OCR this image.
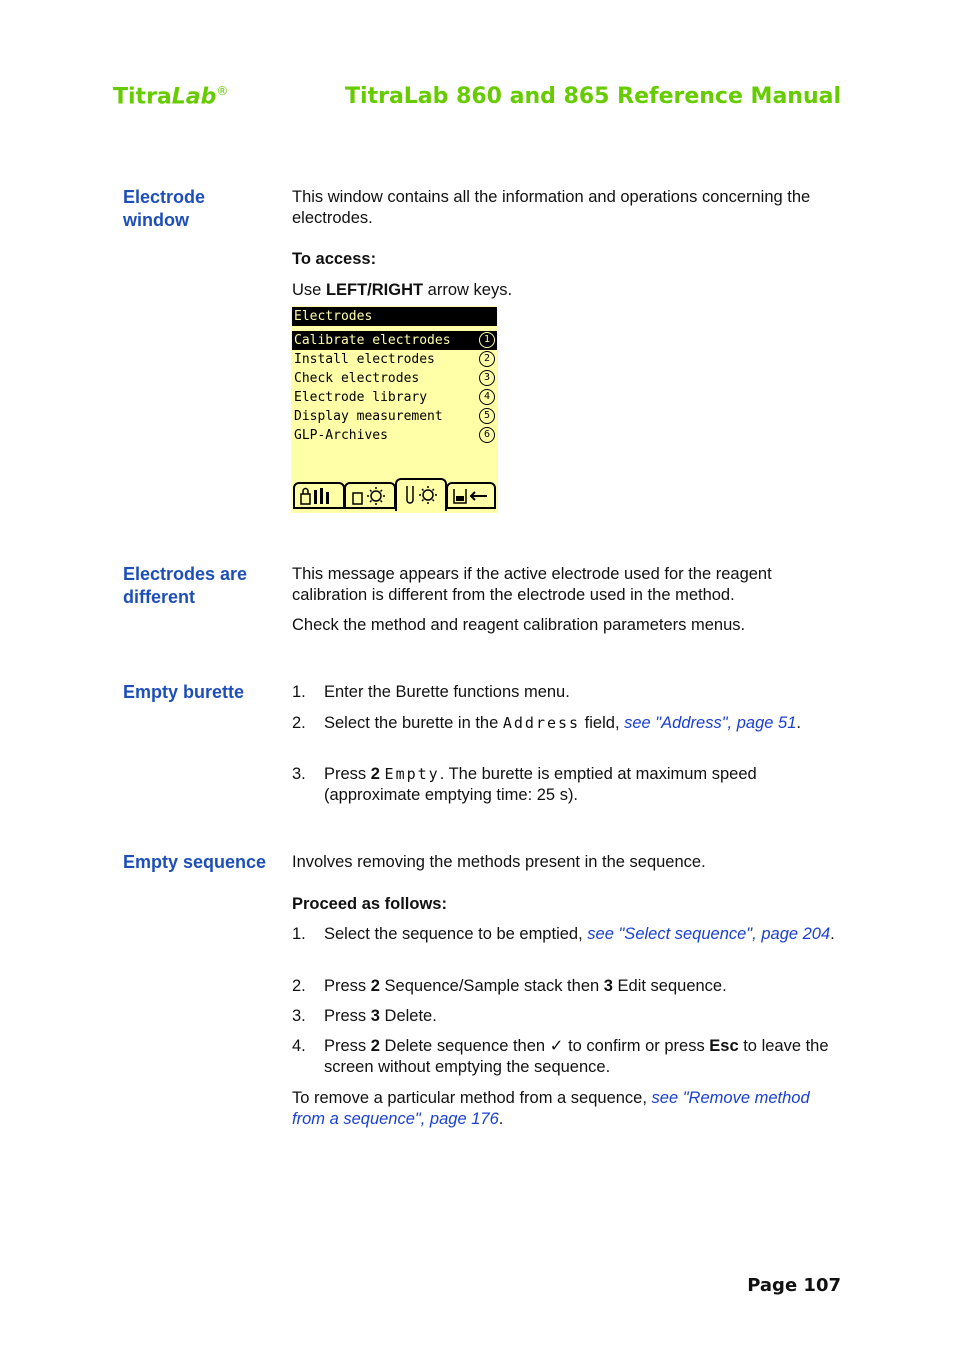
TitraLab®	TitraLab 860 and 865 Reference Manual
Electrode window
This window contains all the information and operations concerning the electrodes.
To access:
Use LEFT/RIGHT arrow keys.
Electrodes
Calibrate electrodes	1
Install electrodes	2
Check electrodes	3
Electrode library	4
Display measurement	5
GLP-Archives	6
Electrodes are different
This message appears if the active electrode used for the reagent calibration is different from the electrode used in the method.
Check the method and reagent calibration parameters menus.
Empty burette	1. Enter the Burette functions menu.
2. Select the burette in the Address field, see "Address", page 51.
3. Press 2 Empty. The burette is emptied at maximum speed (approximate emptying time: 25 s).
Empty sequence	Involves removing the methods present in the sequence.
Proceed as follows:
1. Select the sequence to be emptied, see "Select sequence", page 204.
2. Press 2 Sequence/Sample stack then 3 Edit sequence.
3. Press 3 Delete.
4. Press 2 Delete sequence then ✓ to confirm or press Esc to leave the screen without emptying the sequence.
To remove a particular method from a sequence, see "Remove method from a sequence", page 176.
Page 107
